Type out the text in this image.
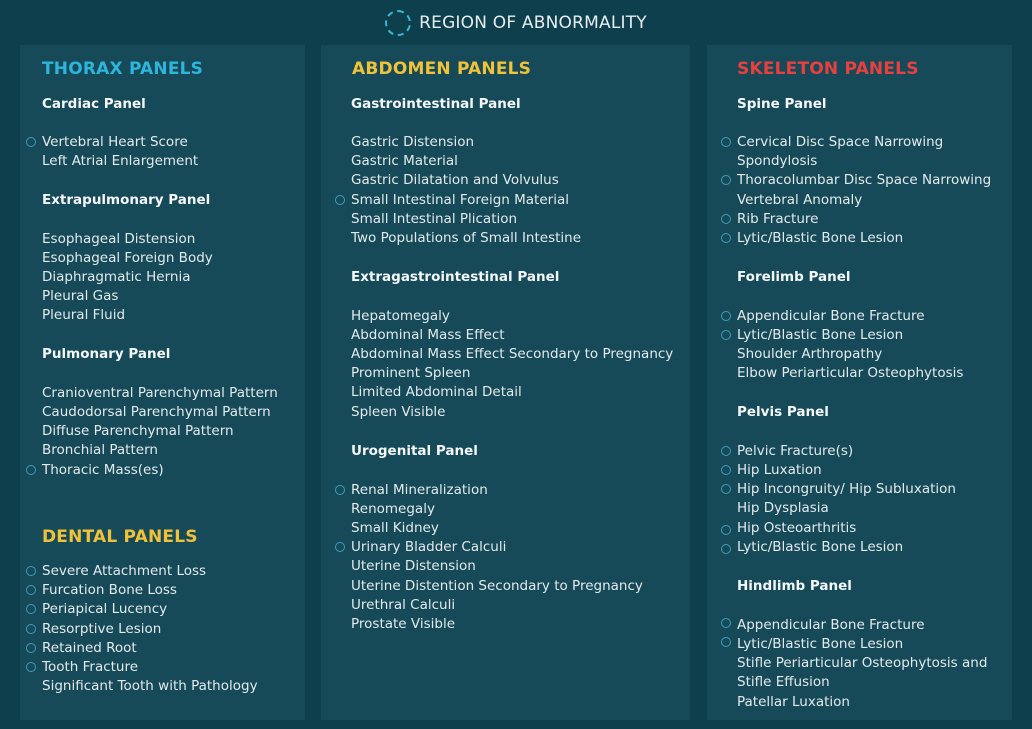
REGION OF ABNORMALITY
THORAX PANELS
Cardiac Panel
Vertebral Heart Score
Left Atrial Enlargement
Extrapulmonary Panel
Esophageal Distension
Esophageal Foreign Body
Diaphragmatic Hernia
Pleural Gas
Pleural Fluid
Pulmonary Panel
Cranioventral Parenchymal Pattern
Caudodorsal Parenchymal Pattern
Diffuse Parenchymal Pattern
Bronchial Pattern
Thoracic Mass(es)
DENTAL PANELS
Severe Attachment Loss
Furcation Bone Loss
Periapical Lucency
Resorptive Lesion
Retained Root
Tooth Fracture
Significant Tooth with Pathology
ABDOMEN PANELS
Gastrointestinal Panel
Gastric Distension
Gastric Material
Gastric Dilatation and Volvulus
Small Intestinal Foreign Material
Small Intestinal Plication
Two Populations of Small Intestine
Extragastrointestinal Panel
Hepatomegaly
Abdominal Mass Effect
Abdominal Mass Effect Secondary to Pregnancy
Prominent Spleen
Limited Abdominal Detail
Spleen Visible
Urogenital Panel
Renal Mineralization
Renomegaly
Small Kidney
Urinary Bladder Calculi
Uterine Distension
Uterine Distention Secondary to Pregnancy
Urethral Calculi
Prostate Visible
SKELETON PANELS
Spine Panel
Cervical Disc Space Narrowing
Spondylosis
Thoracolumbar Disc Space Narrowing
Vertebral Anomaly
Rib Fracture
Lytic/Blastic Bone Lesion
Forelimb Panel
Appendicular Bone Fracture
Lytic/Blastic Bone Lesion
Shoulder Arthropathy
Elbow Periarticular Osteophytosis
Pelvis Panel
Pelvic Fracture(s)
Hip Luxation
Hip Incongruity/ Hip Subluxation
Hip Dysplasia
Hip Osteoarthritis
Lytic/Blastic Bone Lesion
Hindlimb Panel
Appendicular Bone Fracture
Lytic/Blastic Bone Lesion
Stifle Periarticular Osteophytosis and
Stifle Effusion
Patellar Luxation
